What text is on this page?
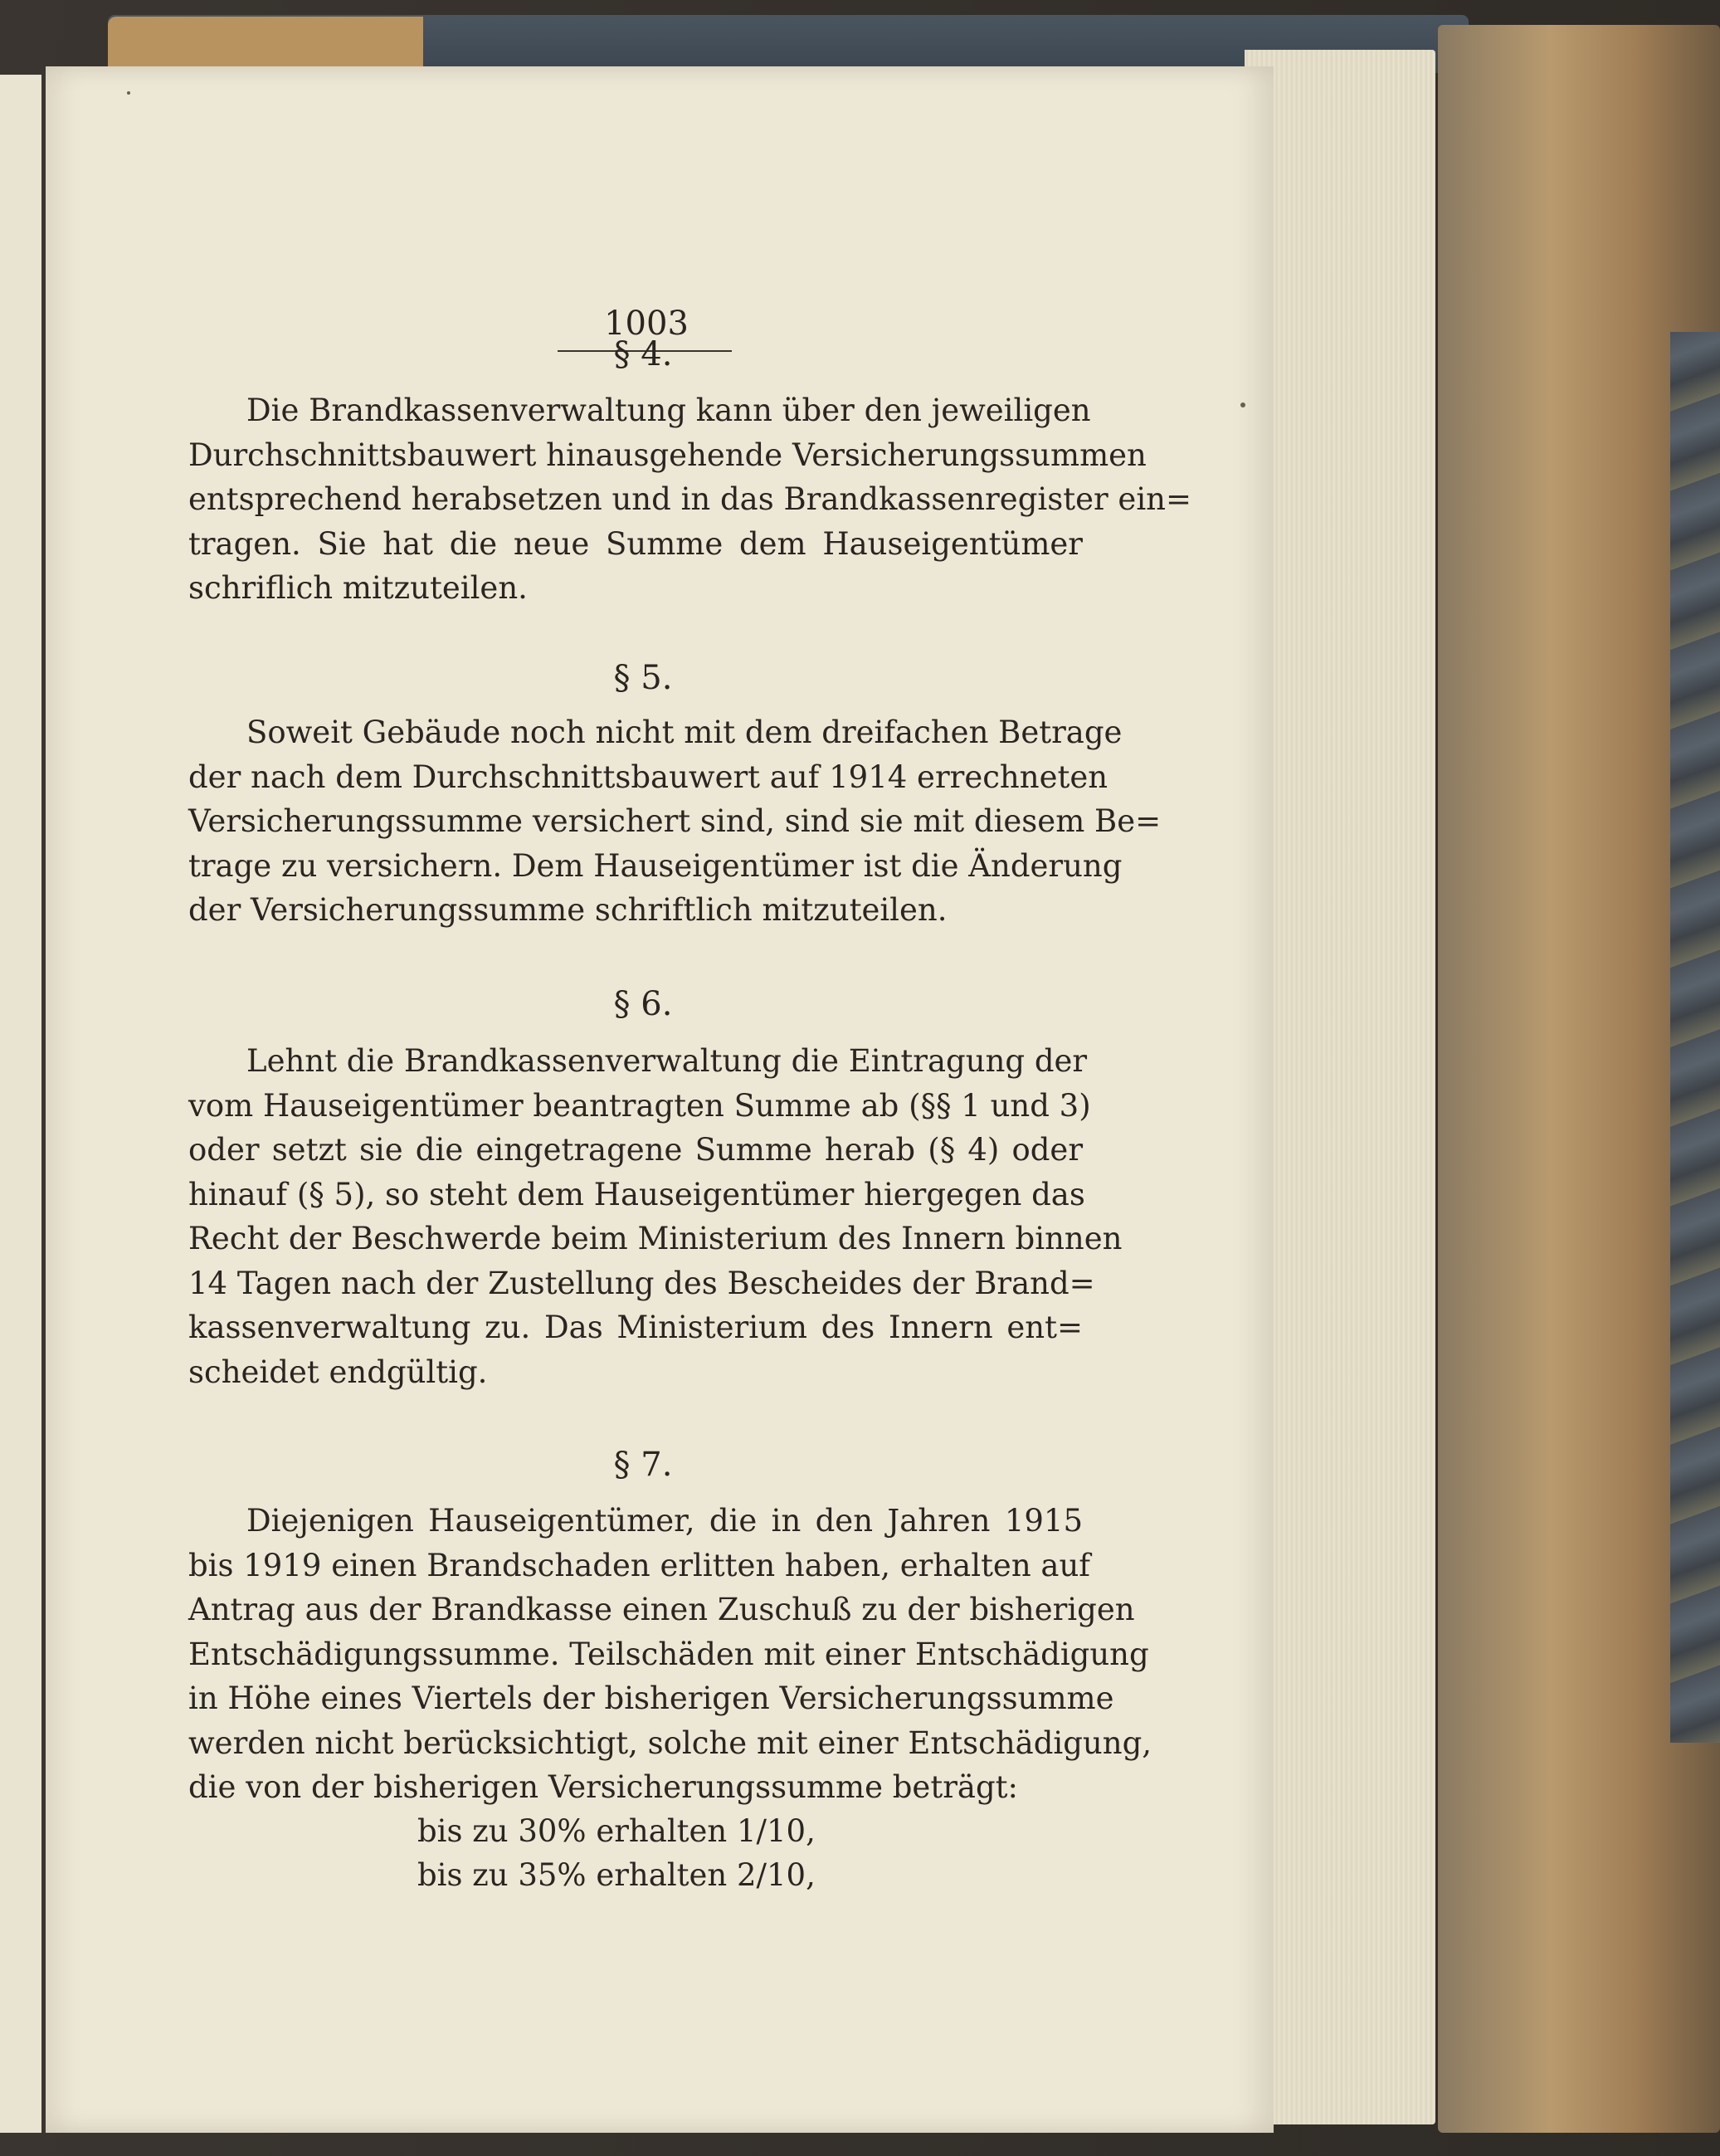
1003
§ 4.
Die Brandkassenverwaltung kann über den jeweiligen
Durchschnittsbauwert hinausgehende Versicherungssummen
entsprechend herabsetzen und in das Brandkassenregister ein=
tragen. Sie hat die neue Summe dem Hauseigentümer
schriflich mitzuteilen.
§ 5.
Soweit Gebäude noch nicht mit dem dreifachen Betrage
der nach dem Durchschnittsbauwert auf 1914 errechneten
Versicherungssumme versichert sind, sind sie mit diesem Be=
trage zu versichern. Dem Hauseigentümer ist die Änderung
der Versicherungssumme schriftlich mitzuteilen.
§ 6.
Lehnt die Brandkassenverwaltung die Eintragung der
vom Hauseigentümer beantragten Summe ab (§§ 1 und 3)
oder setzt sie die eingetragene Summe herab (§ 4) oder
hinauf (§ 5), so steht dem Hauseigentümer hiergegen das
Recht der Beschwerde beim Ministerium des Innern binnen
14 Tagen nach der Zustellung des Bescheides der Brand=
kassenverwaltung zu. Das Ministerium des Innern ent=
scheidet endgültig.
§ 7.
Diejenigen Hauseigentümer, die in den Jahren 1915
bis 1919 einen Brandschaden erlitten haben, erhalten auf
Antrag aus der Brandkasse einen Zuschuß zu der bisherigen
Entschädigungssumme. Teilschäden mit einer Entschädigung
in Höhe eines Viertels der bisherigen Versicherungssumme
werden nicht berücksichtigt, solche mit einer Entschädigung,
die von der bisherigen Versicherungssumme beträgt:
bis zu 30% erhalten 1/10,
bis zu 35% erhalten 2/10,
